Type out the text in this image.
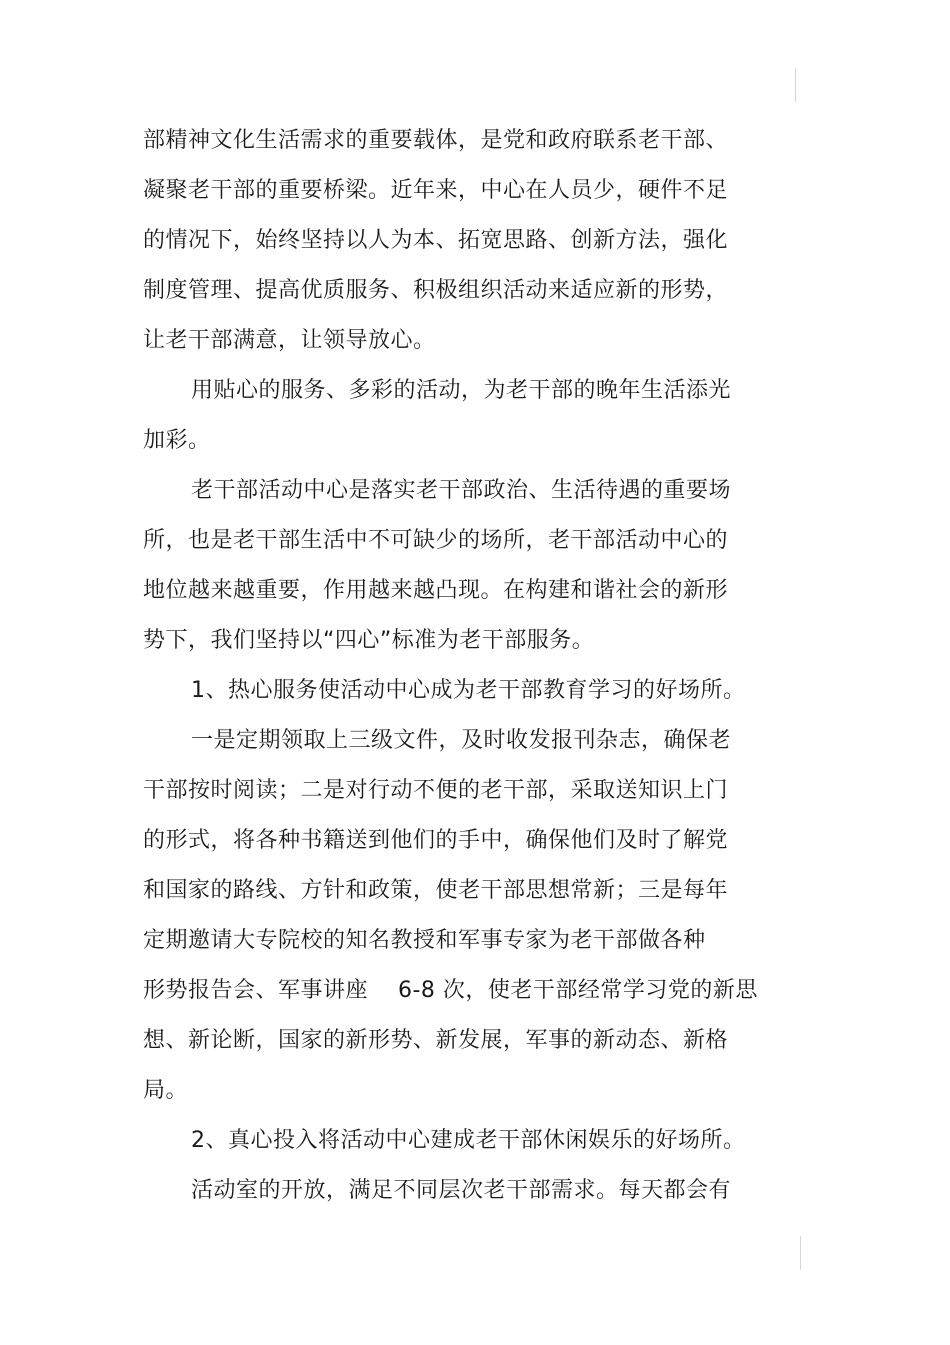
部精神文化生活需求的重要载体，是党和政府联系老干部、
凝聚老干部的重要桥梁。近年来，中心在人员少，硬件不足
的情况下，始终坚持以人为本、拓宽思路、创新方法，强化
制度管理、提高优质服务、积极组织活动来适应新的形势，
让老干部满意，让领导放心。
用贴心的服务、多彩的活动，为老干部的晚年生活添光
加彩。
老干部活动中心是落实老干部政治、生活待遇的重要场
所，也是老干部生活中不可缺少的场所，老干部活动中心的
地位越来越重要，作用越来越凸现。在构建和谐社会的新形
势下，我们坚持以“四心”标准为老干部服务。
1、热心服务使活动中心成为老干部教育学习的好场所。
一是定期领取上三级文件，及时收发报刊杂志，确保老
干部按时阅读；二是对行动不便的老干部，采取送知识上门
的形式，将各种书籍送到他们的手中，确保他们及时了解党
和国家的路线、方针和政策，使老干部思想常新；三是每年
定期邀请大专院校的知名教授和军事专家为老干部做各种
形势报告会、军事讲座　 6-8 次，使老干部经常学习党的新思
想、新论断，国家的新形势、新发展，军事的新动态、新格
局。
2、真心投入将活动中心建成老干部休闲娱乐的好场所。
活动室的开放，满足不同层次老干部需求。每天都会有
